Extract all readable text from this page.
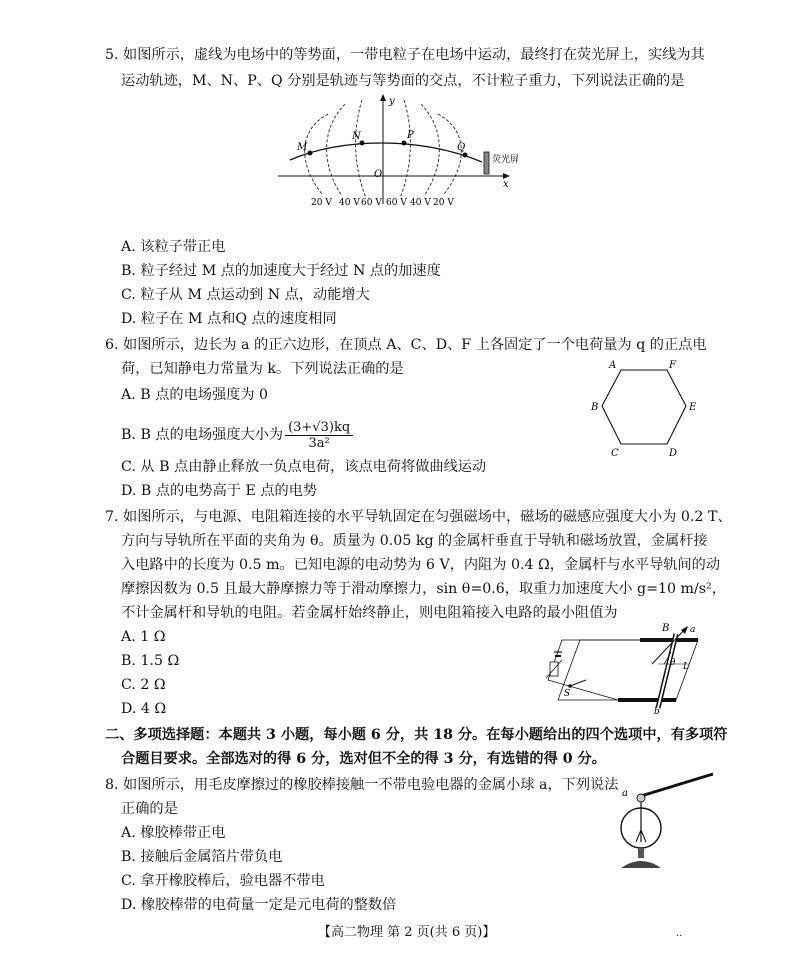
5. 如图所示，虚线为电场中的等势面，一带电粒子在电场中运动，最终打在荧光屏上，实线为其
运动轨迹，M、N、P、Q 分别是轨迹与等势面的交点，不计粒子重力，下列说法正确的是
y
x
O
M
N	P
Q
荧光屏
20 V 40 V 60 V 60 V 40 V 20 V
A. 该粒子带正电
B. 粒子经过 M 点的加速度大于经过 N 点的加速度
C. 粒子从 M 点运动到 N 点，动能增大
D. 粒子在 M 点和Q 点的速度相同
6. 如图所示，边长为 a 的正六边形，在顶点 A、C、D、F 上各固定了一个电荷量为 q 的正点电
荷，已知静电力常量为 k。下列说法正确的是
A. B 点的电场强度为 0
B. B 点的电场强度大小为 $\frac{(3+√3)kq}{\text{3a²}}$
C. 从 B 点由静止释放一负点电荷，该点电荷将做曲线运动
D. B 点的电势高于 E 点的电势
A	F
E
D
C
B
7. 如图所示，与电源、电阻箱连接的水平导轨固定在匀强磁场中，磁场的磁感应强度大小为 0.2 T、
方向与导轨所在平面的夹角为 θ。质量为 0.05 kg 的金属杆垂直于导轨和磁场放置，金属杆接
入电路中的长度为 0.5 m。已知电源的电动势为 6 V，内阻为 0.4 Ω，金属杆与水平导轨间的动
摩擦因数为 0.5 且最大静摩擦力等于滑动摩擦力，sin θ=0.6，取重力加速度大小 g=10 m/s²，
不计金属杆和导轨的电阻。若金属杆始终静止，则电阻箱接入电路的最小阻值为
A. 1 Ω
B. 1.5 Ω
C. 2 Ω
D. 4 Ω
S
B
θ
a
b
L
二、多项选择题：本题共 3 小题，每小题 6 分，共 18 分。在每小题给出的四个选项中，有多项符
合题目要求。全部选对的得 6 分，选对但不全的得 3 分，有选错的得 0 分。
8. 如图所示，用毛皮摩擦过的橡胶棒接触一不带电验电器的金属小球 a，下列说法
正确的是
A. 橡胶棒带正电
B. 接触后金属箔片带负电
C. 拿开橡胶棒后，验电器不带电
D. 橡胶棒带的电荷量一定是元电荷的整数倍
a
【高二物理 第 2 页(共 6 页)】	··
